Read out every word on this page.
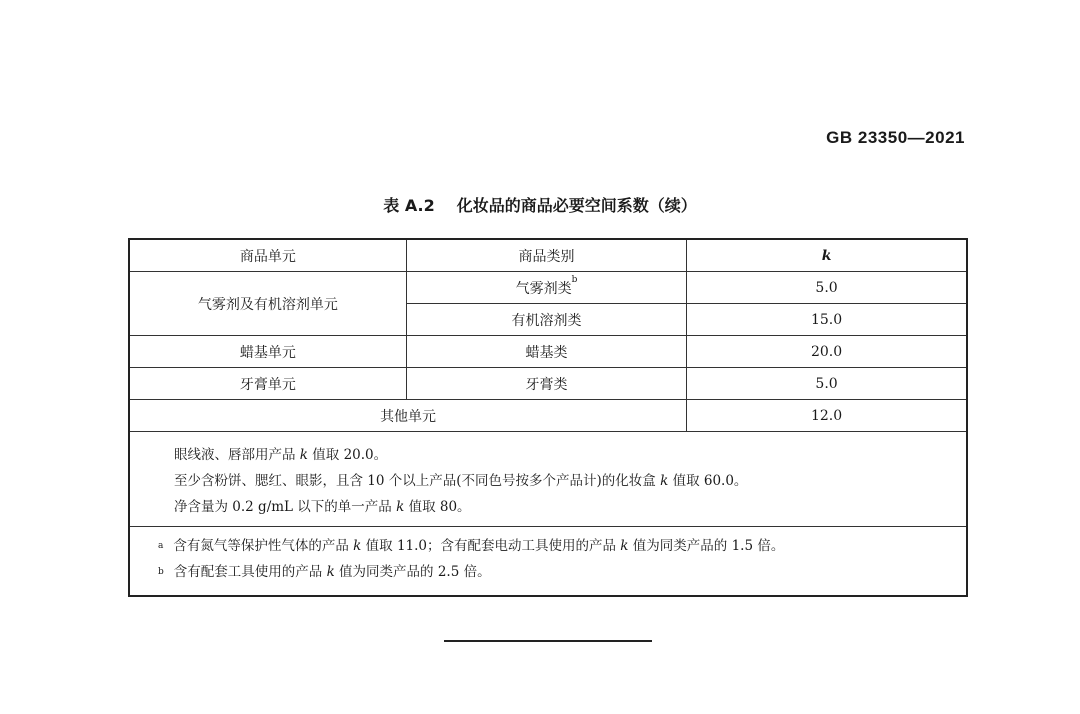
GB 23350—2021
表 A.2 化妆品的商品必要空间系数（续）
商品单元	商品类别	k
气雾剂及有机溶剂单元	气雾剂类$^b$	5.0
	有机溶剂类	15.0
蜡基单元	蜡基类	20.0
牙膏单元	牙膏类	5.0
其他单元		12.0

眼线液、唇部用产品 k 值取 20.0。
至少含粉饼、腮红、眼影，且含 10 个以上产品(不同色号按多个产品计)的化妆盒 k 值取 60.0。
净含量为 0.2 g/mL 以下的单一产品 k 值取 80。
$^a$ 含有氮气等保护性气体的产品 k 值取 11.0；含有配套电动工具使用的产品 k 值为同类产品的 1.5 倍。
$^b$ 含有配套工具使用的产品 k 值为同类产品的 2.5 倍。		
